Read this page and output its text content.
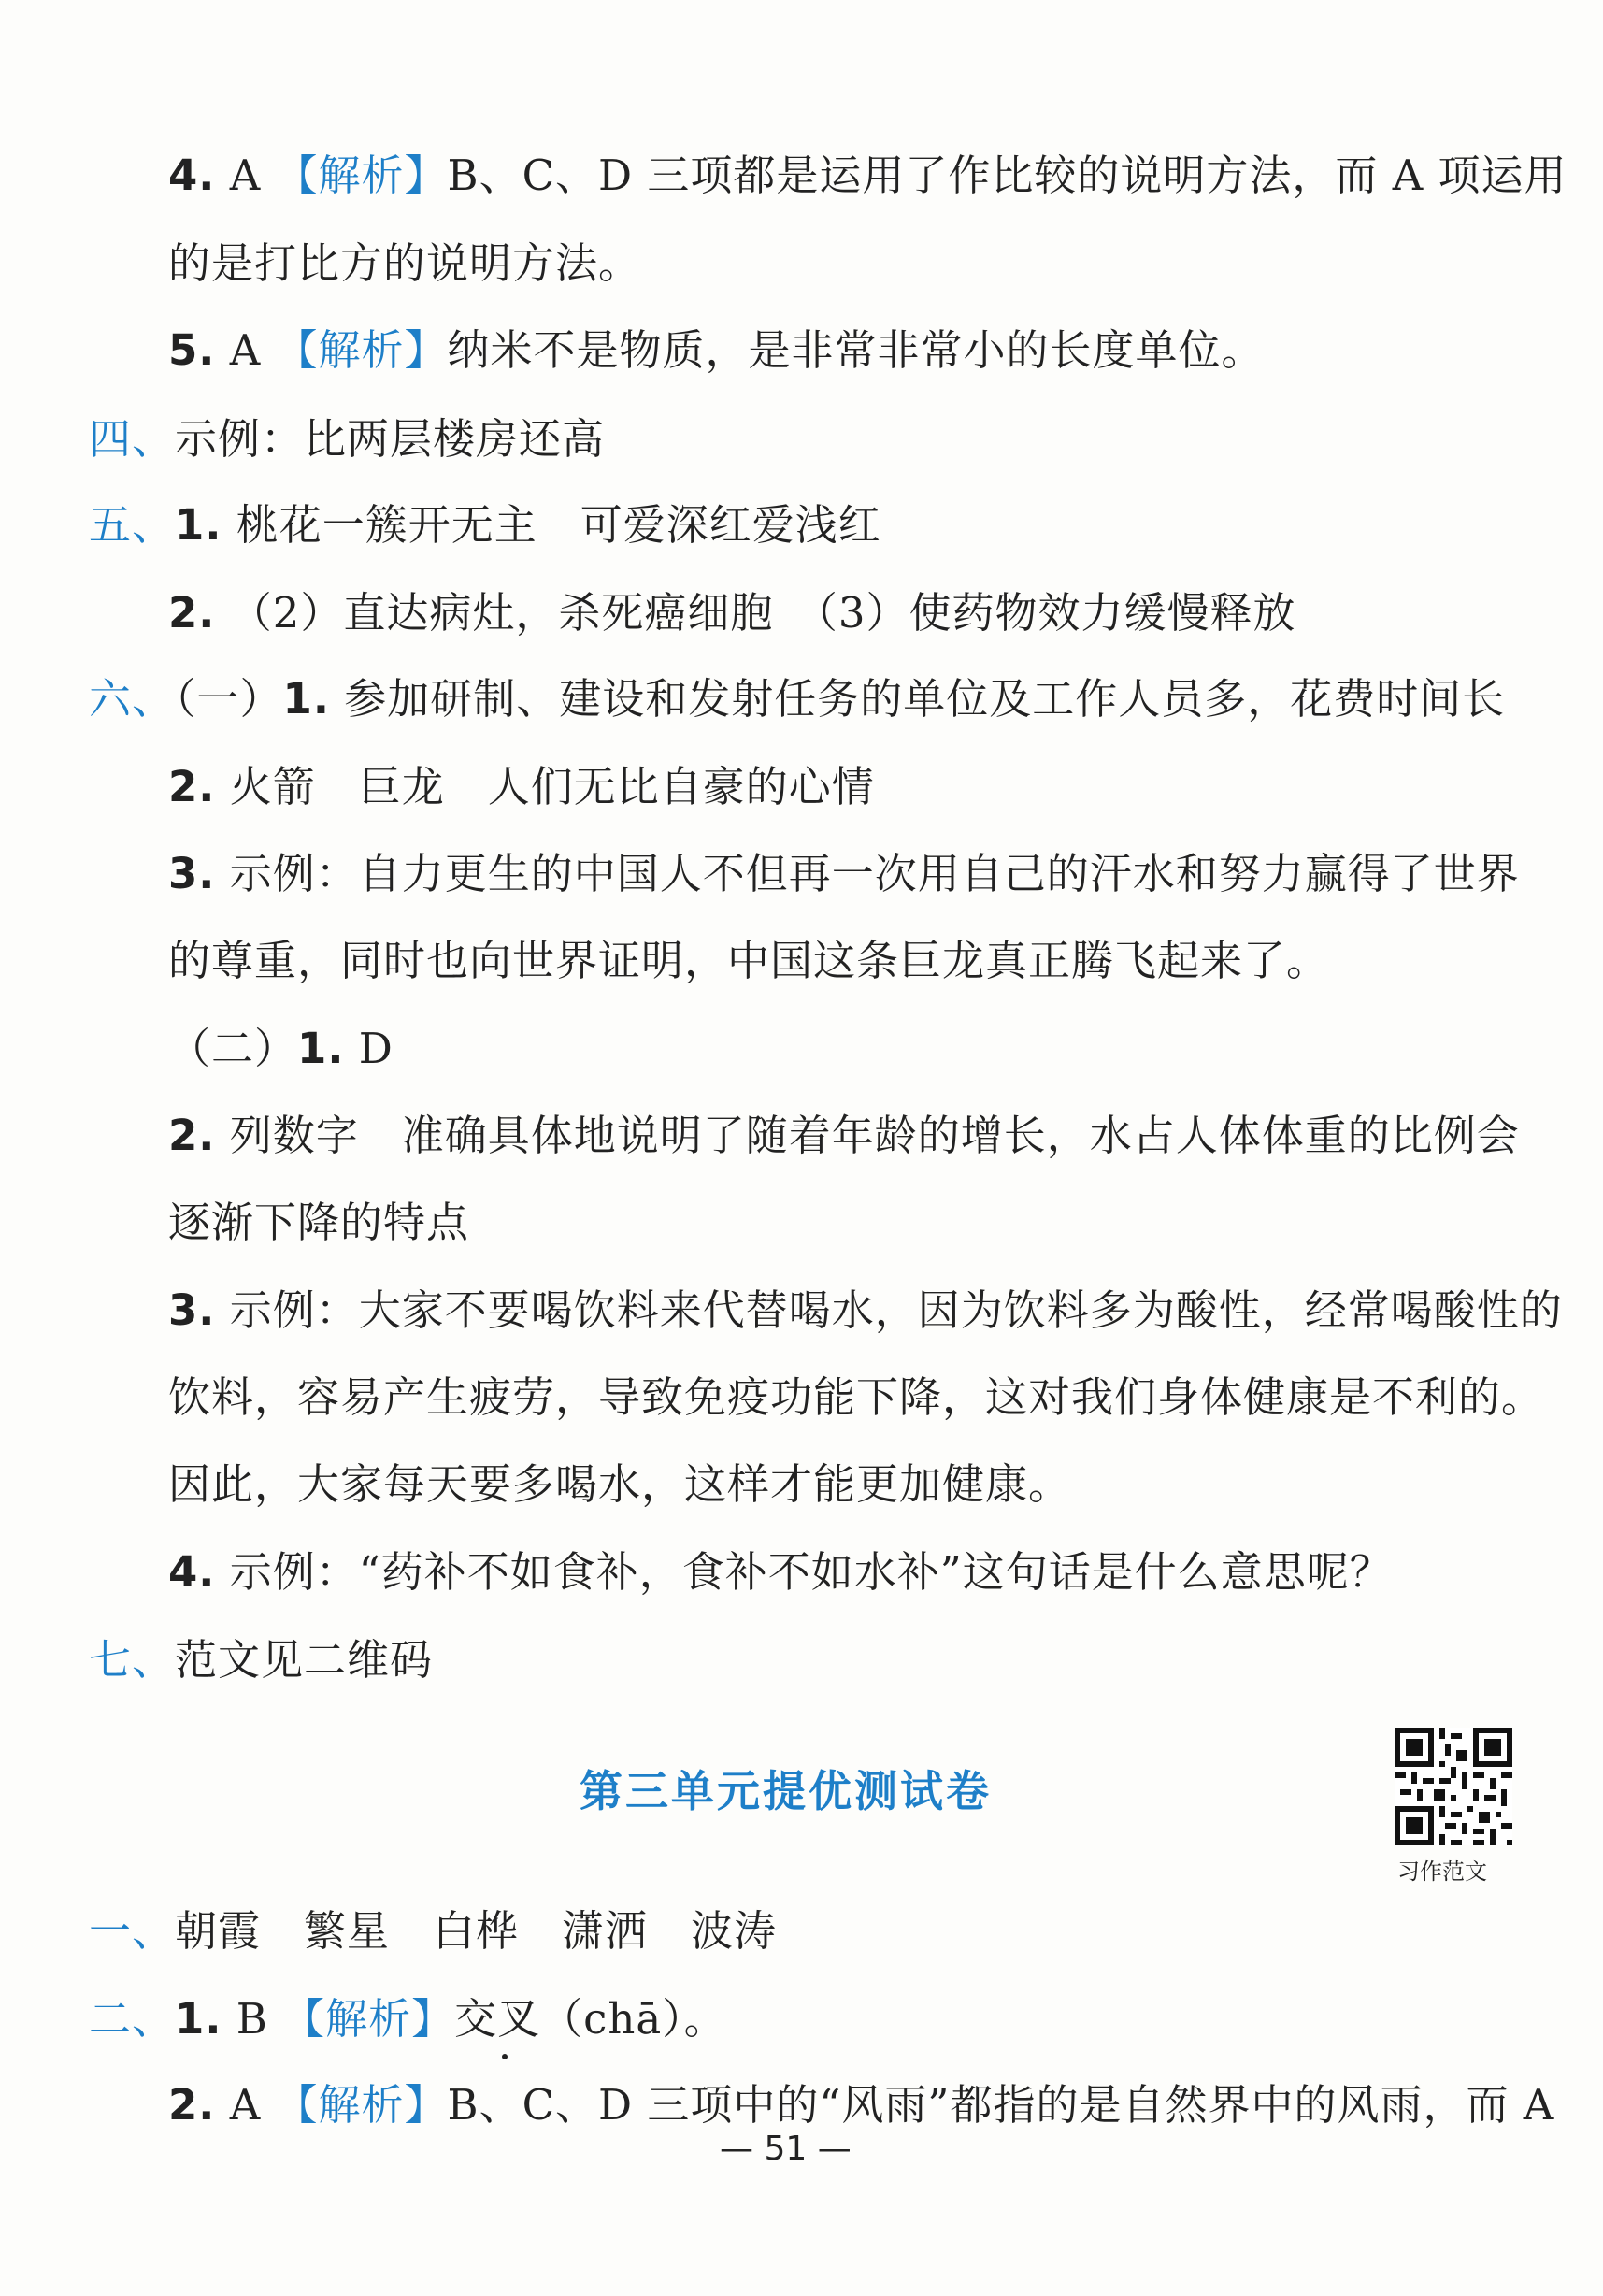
4. A 【解析】B、C、D 三项都是运用了作比较的说明方法，而 A 项运用
的是打比方的说明方法。
5. A 【解析】纳米不是物质，是非常非常小的长度单位。
四、示例：比两层楼房还高
五、1. 桃花一簇开无主　可爱深红爱浅红
2. （2）直达病灶，杀死癌细胞　（3）使药物效力缓慢释放
六、（一）1. 参加研制、建设和发射任务的单位及工作人员多，花费时间长
2. 火箭　巨龙　人们无比自豪的心情
3. 示例：自力更生的中国人不但再一次用自己的汗水和努力赢得了世界
的尊重，同时也向世界证明，中国这条巨龙真正腾飞起来了。
（二）1. D
2. 列数字　准确具体地说明了随着年龄的增长，水占人体体重的比例会
逐渐下降的特点
3. 示例：大家不要喝饮料来代替喝水，因为饮料多为酸性，经常喝酸性的
饮料，容易产生疲劳，导致免疫功能下降，这对我们身体健康是不利的。
因此，大家每天要多喝水，这样才能更加健康。
4. 示例：“药补不如食补，食补不如水补”这句话是什么意思呢？
七、范文见二维码
第三单元提优测试卷
习作范文
一、朝霞　繁星　白桦　潇洒　波涛
二、1. B 【解析】交叉（chā）。
2. A 【解析】B、C、D 三项中的“风雨”都指的是自然界中的风雨，而 A
— 51 —
